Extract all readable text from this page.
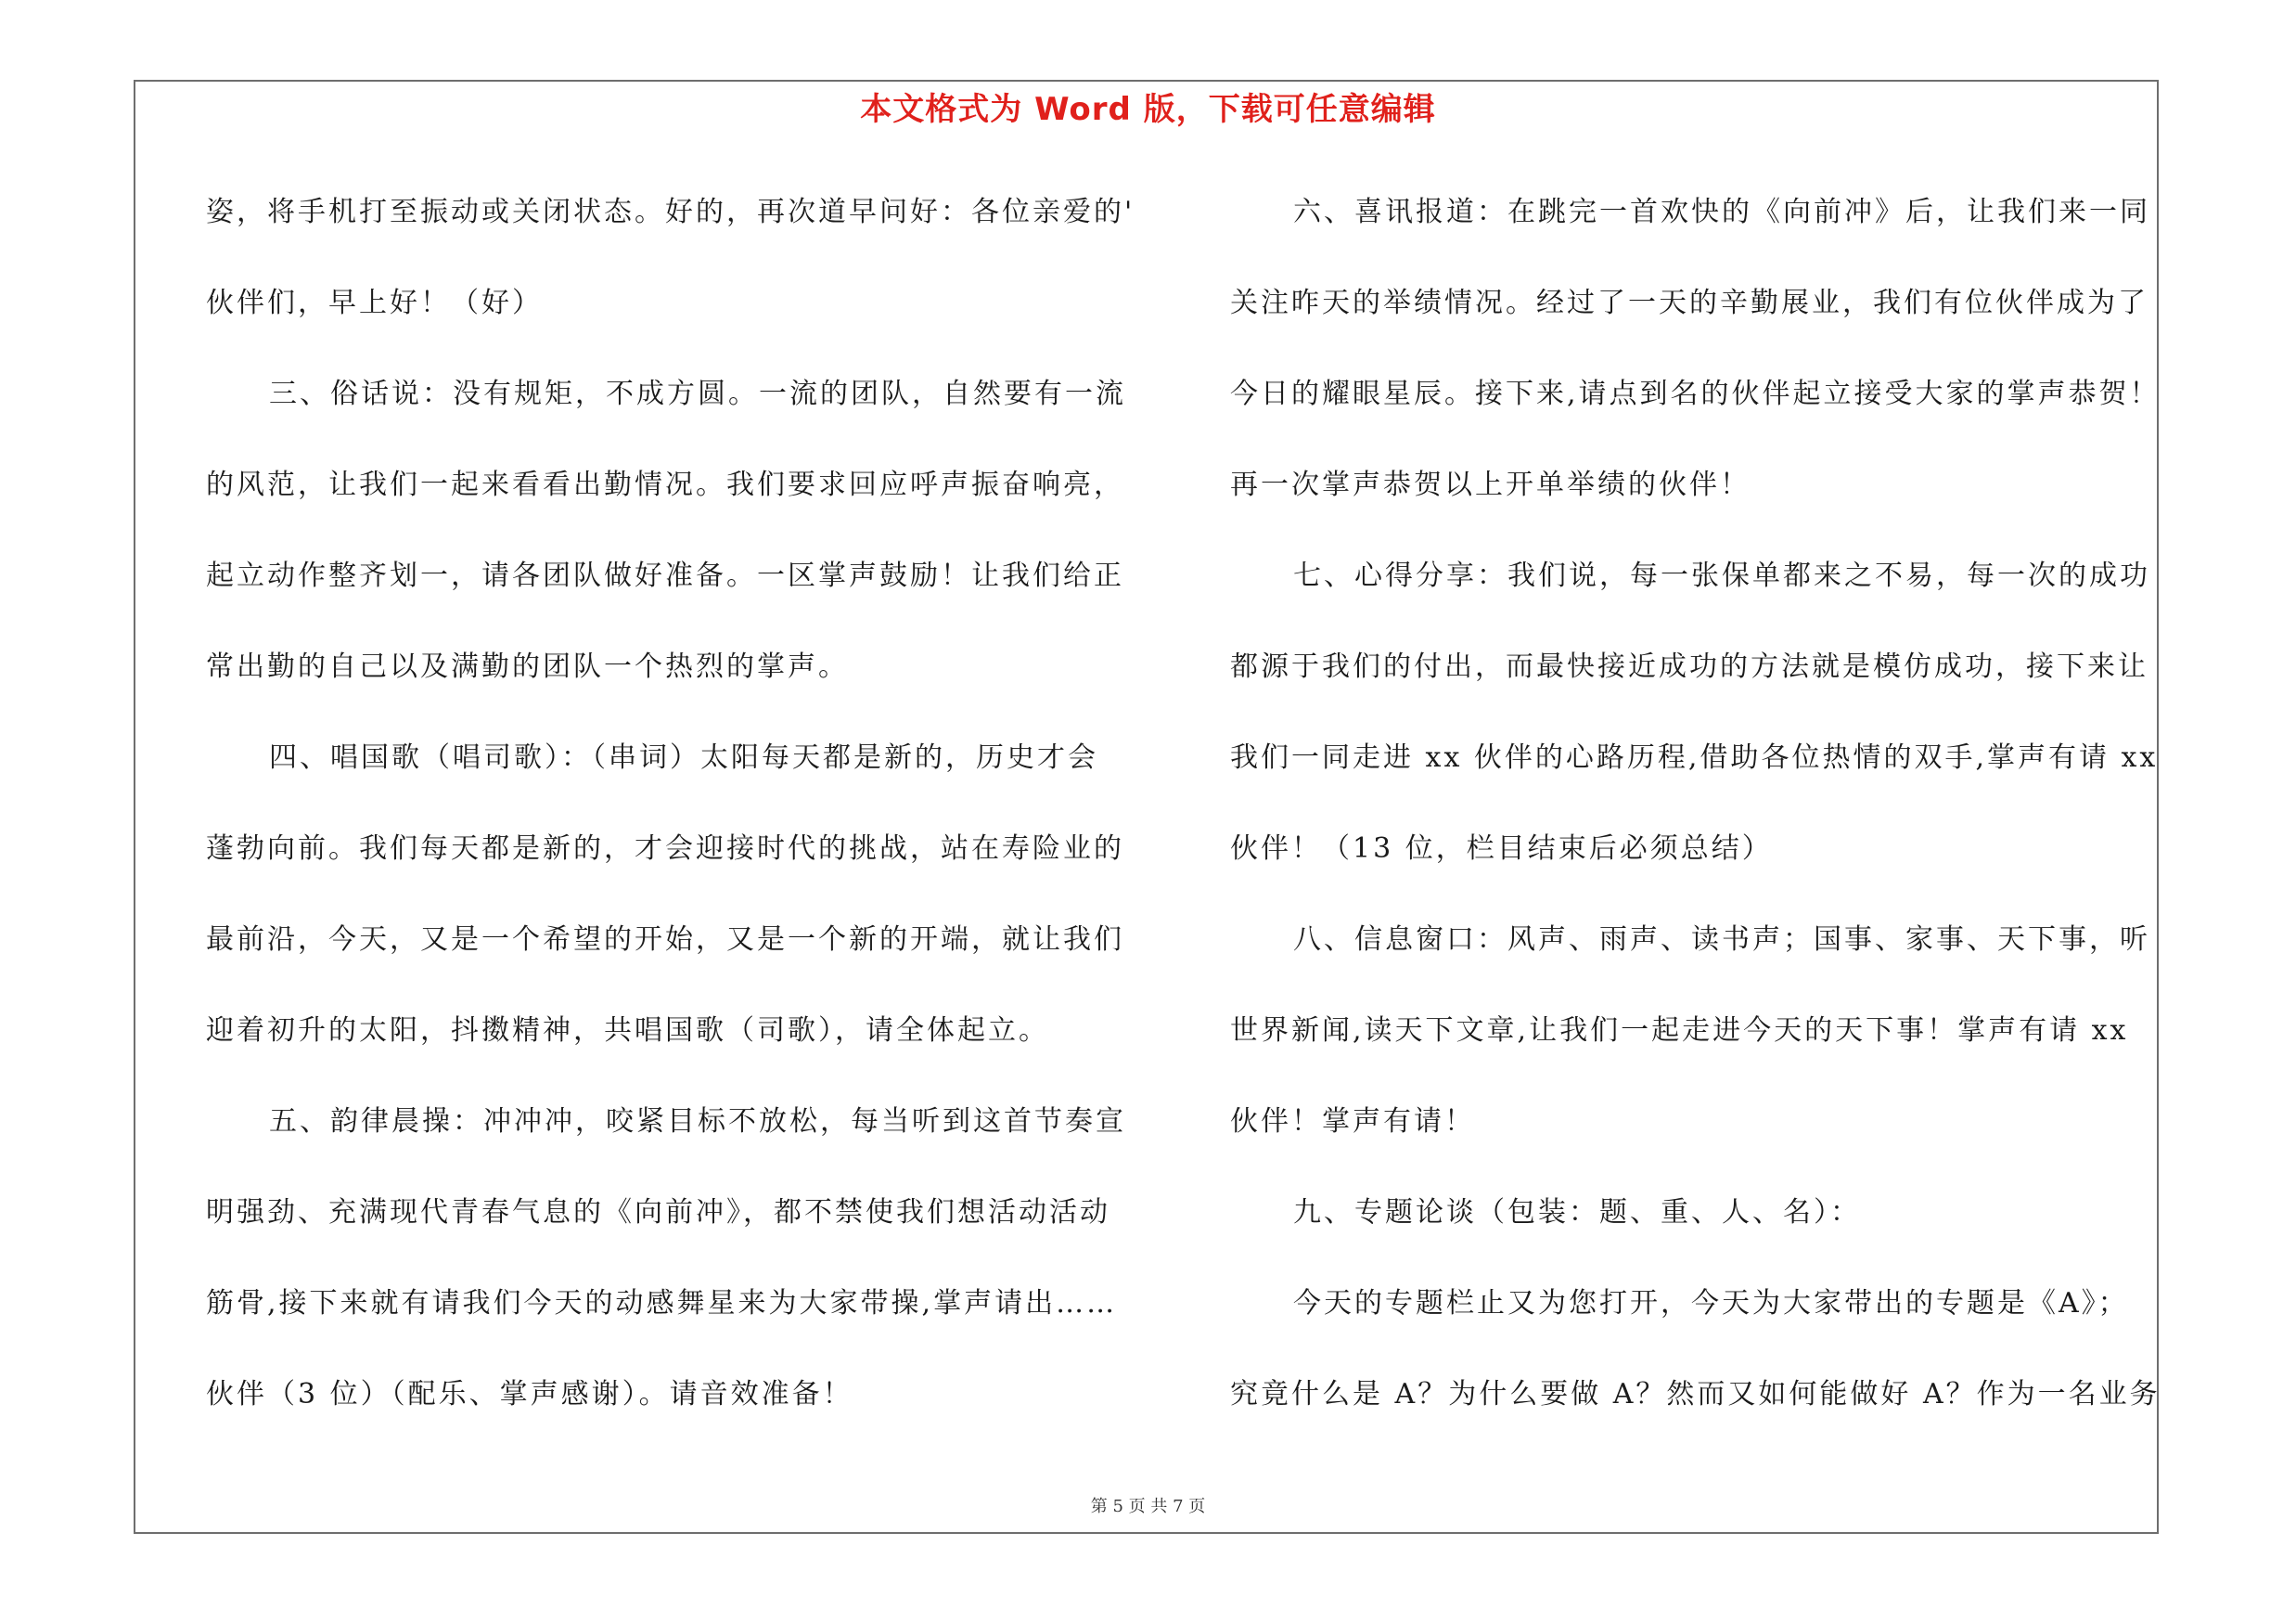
本文格式为 Word 版，下载可任意编辑
姿，将手机打至振动或关闭状态。好的，再次道早问好：各位亲爱的'
伙伴们，早上好！（好）
三、俗话说：没有规矩，不成方圆。一流的团队，自然要有一流
的风范，让我们一起来看看出勤情况。我们要求回应呼声振奋响亮，
起立动作整齐划一，请各团队做好准备。一区掌声鼓励！让我们给正
常出勤的自己以及满勤的团队一个热烈的掌声。
四、唱国歌（唱司歌）：（串词）太阳每天都是新的，历史才会
蓬勃向前。我们每天都是新的，才会迎接时代的挑战，站在寿险业的
最前沿，今天，又是一个希望的开始，又是一个新的开端，就让我们
迎着初升的太阳，抖擞精神，共唱国歌（司歌），请全体起立。
五、韵律晨操：冲冲冲，咬紧目标不放松，每当听到这首节奏宣
明强劲、充满现代青春气息的《向前冲》，都不禁使我们想活动活动
筋骨,接下来就有请我们今天的动感舞星来为大家带操,掌声请出……
伙伴（3 位）（配乐、掌声感谢）。请音效准备！
六、喜讯报道：在跳完一首欢快的《向前冲》后，让我们来一同
关注昨天的举绩情况。经过了一天的辛勤展业，我们有位伙伴成为了
今日的耀眼星辰。接下来,请点到名的伙伴起立接受大家的掌声恭贺！
再一次掌声恭贺以上开单举绩的伙伴！
七、心得分享：我们说，每一张保单都来之不易，每一次的成功
都源于我们的付出，而最快接近成功的方法就是模仿成功，接下来让
我们一同走进 xx 伙伴的心路历程,借助各位热情的双手,掌声有请 xx
伙伴！（13 位，栏目结束后必须总结）
八、信息窗口：风声、雨声、读书声；国事、家事、天下事，听
世界新闻,读天下文章,让我们一起走进今天的天下事！掌声有请 xx
伙伴！掌声有请！
九、专题论谈（包装：题、重、人、名）：
今天的专题栏止又为您打开，今天为大家带出的专题是《A》；
究竟什么是 A？为什么要做 A？然而又如何能做好 A？作为一名业务
第 5 页 共 7 页
